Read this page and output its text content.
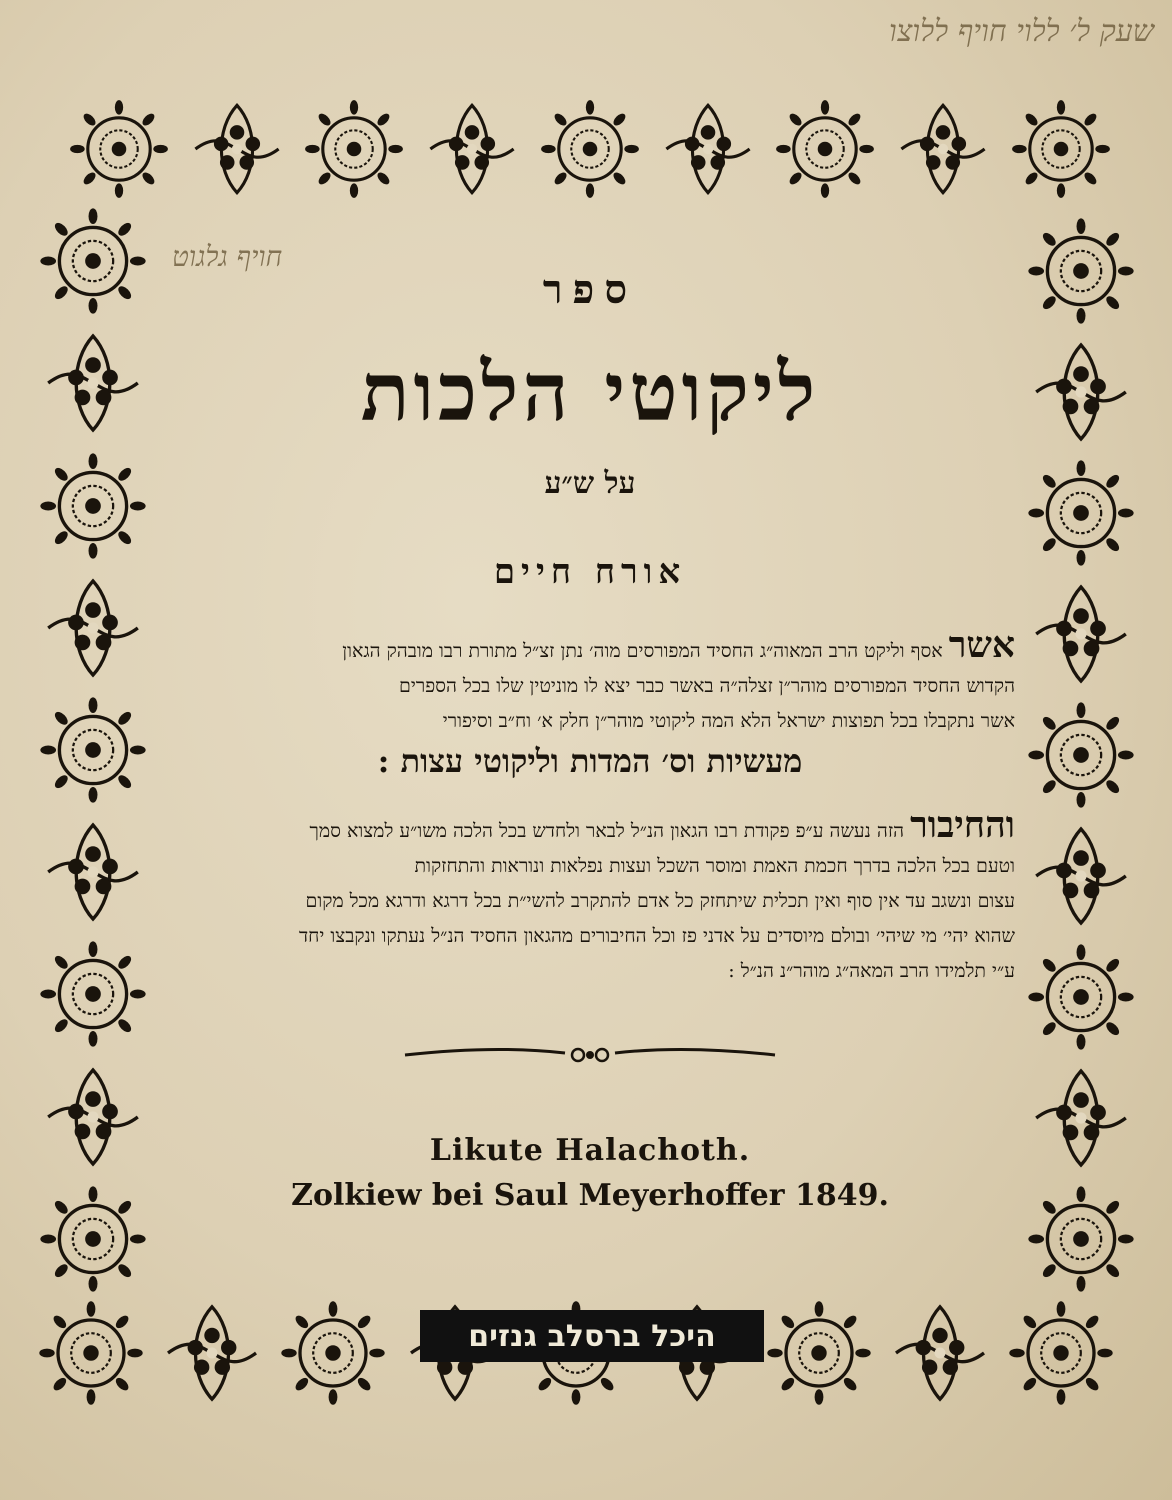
שעק ל׳ ללוי חויף ללוצו
חויף גלגוט
ספר
ליקוטי הלכות
על ש״ע
אורח חיים

אשר אסף וליקט הרב המאוה״ג החסיד המפורסים מוה׳ נתן זצ״ל מתורת רבו מובהק הגאון

הקדוש החסיד המפורסים מוהר״ן זצלה״ה באשר כבר יצא לו מוניטין שלו בכל הספרים

אשר נתקבלו בכל תפוצות ישראל הלא המה ליקוטי מוהר״ן חלק א׳ וח״ב וסיפורי

מעשיות וס׳ המדות וליקוטי עצות :

והחיבור הזה נעשה ע״פ פקודת רבו הגאון הנ״ל לבאר ולחדש בכל הלכה משו״ע למצוא סמך

וטעם בכל הלכה בדרך חכמת האמת ומוסר השכל ועצות נפלאות ונוראות והתחזקות

עצום ונשגב עד אין סוף ואין תכלית שיתחזק כל אדם להתקרב להשי״ת בכל דרגא ודרגא מכל מקום

שהוא יהי׳ מי שיהי׳ ובולם מיוסדים על אדני פז וכל החיבורים מהגאון החסיד הנ״ל נעתקו ונקבצו יחד

ע״י תלמידו הרב המאה״ג מוהר״נ הנ״ל :

Likute Halachoth.
Zolkiew bei Saul Meyerhoffer 1849.
היכל ברסלב גנזים
